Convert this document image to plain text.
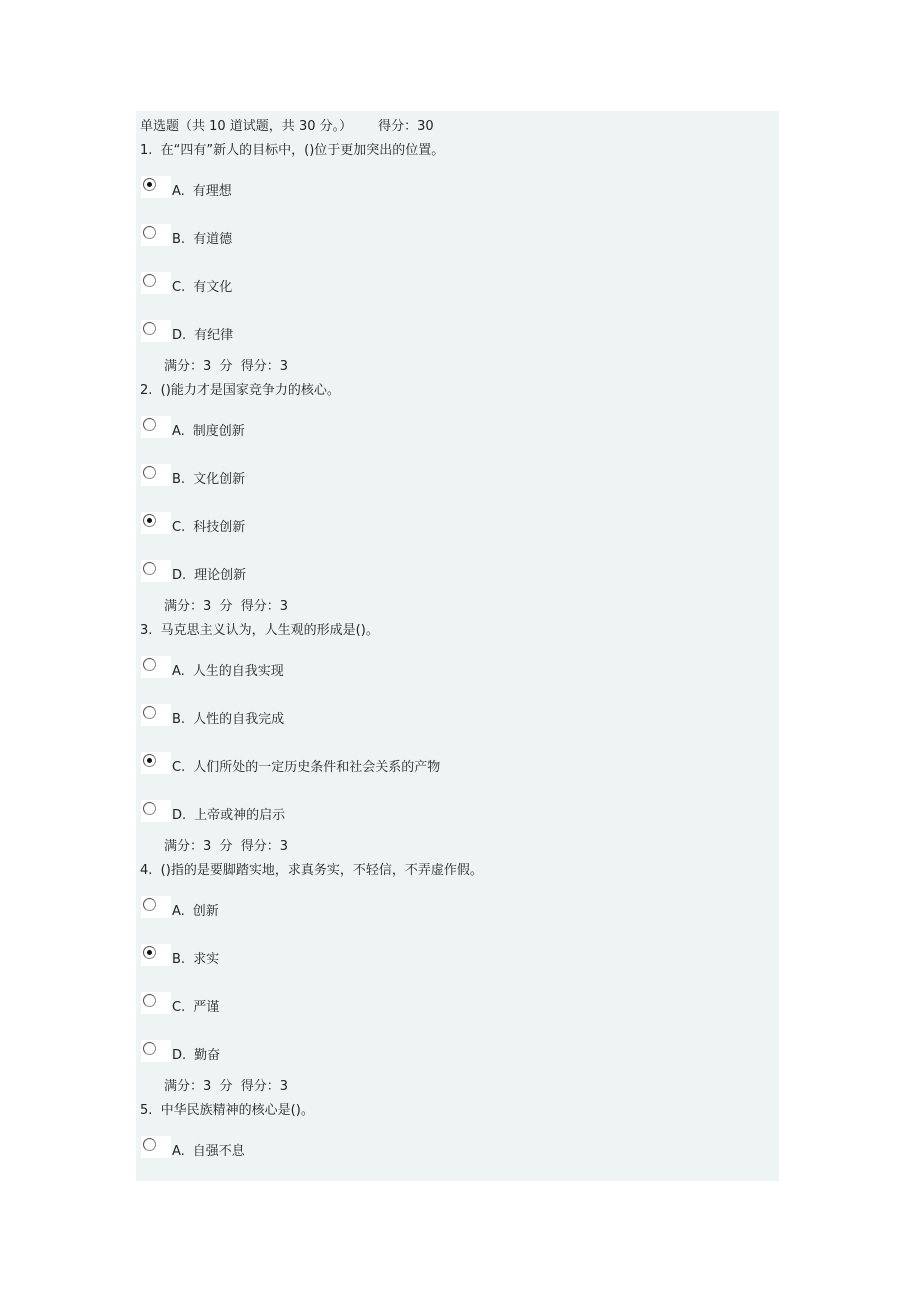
单选题（共 10 道试题，共 30 分。） 得分：30
1. 在“四有”新人的目标中，()位于更加突出的位置。
A. 有理想
B. 有道德
C. 有文化
D. 有纪律
满分：3  分  得分：3
2. ()能力才是国家竞争力的核心。
A. 制度创新
B. 文化创新
C. 科技创新
D. 理论创新
满分：3  分  得分：3
3. 马克思主义认为，人生观的形成是()。
A. 人生的自我实现
B. 人性的自我完成
C. 人们所处的一定历史条件和社会关系的产物
D. 上帝或神的启示
满分：3  分  得分：3
4. ()指的是要脚踏实地，求真务实，不轻信，不弄虚作假。
A. 创新
B. 求实
C. 严谨
D. 勤奋
满分：3  分  得分：3
5. 中华民族精神的核心是()。
A. 自强不息
